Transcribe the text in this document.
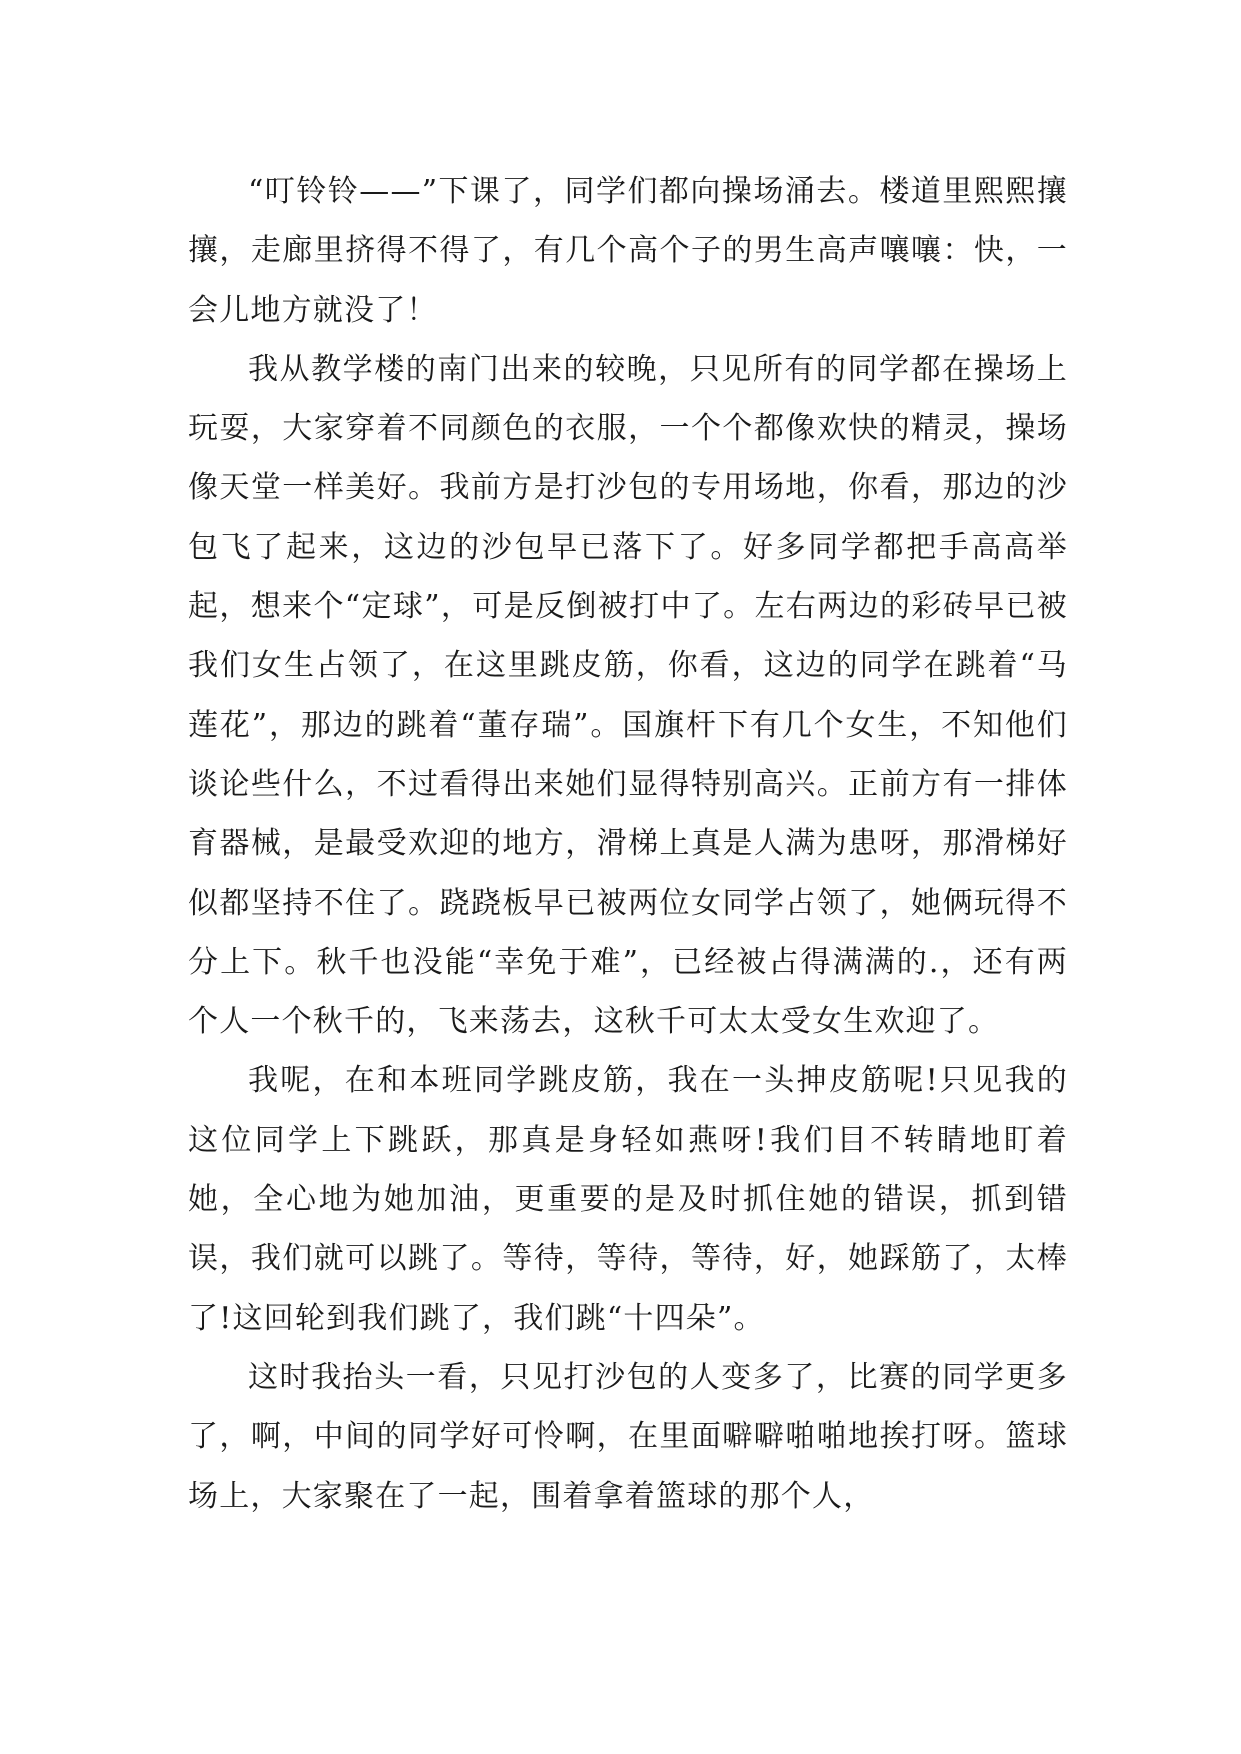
“叮铃铃——”下课了，同学们都向操场涌去。楼道里熙熙攘攘，走廊里挤得不得了，有几个高个子的男生高声嚷嚷：快，一会儿地方就没了！

我从教学楼的南门出来的较晚，只见所有的同学都在操场上玩耍，大家穿着不同颜色的衣服，一个个都像欢快的精灵，操场像天堂一样美好。我前方是打沙包的专用场地，你看，那边的沙包飞了起来，这边的沙包早已落下了。好多同学都把手高高举起，想来个“定球”，可是反倒被打中了。左右两边的彩砖早已被我们女生占领了，在这里跳皮筋，你看，这边的同学在跳着“马莲花”，那边的跳着“董存瑞”。国旗杆下有几个女生，不知他们谈论些什么，不过看得出来她们显得特别高兴。正前方有一排体育器械，是最受欢迎的地方，滑梯上真是人满为患呀，那滑梯好似都坚持不住了。跷跷板早已被两位女同学占领了，她俩玩得不分上下。秋千也没能“幸免于难”，已经被占得满满的.，还有两个人一个秋千的，飞来荡去，这秋千可太太受女生欢迎了。

我呢，在和本班同学跳皮筋，我在一头抻皮筋呢!只见我的这位同学上下跳跃，那真是身轻如燕呀!我们目不转睛地盯着她，全心地为她加油，更重要的是及时抓住她的错误，抓到错误，我们就可以跳了。等待，等待，等待，好，她踩筋了，太棒了!这回轮到我们跳了，我们跳“十四朵”。

这时我抬头一看，只见打沙包的人变多了，比赛的同学更多了，啊，中间的同学好可怜啊，在里面噼噼啪啪地挨打呀。篮球场上，大家聚在了一起，围着拿着篮球的那个人，
